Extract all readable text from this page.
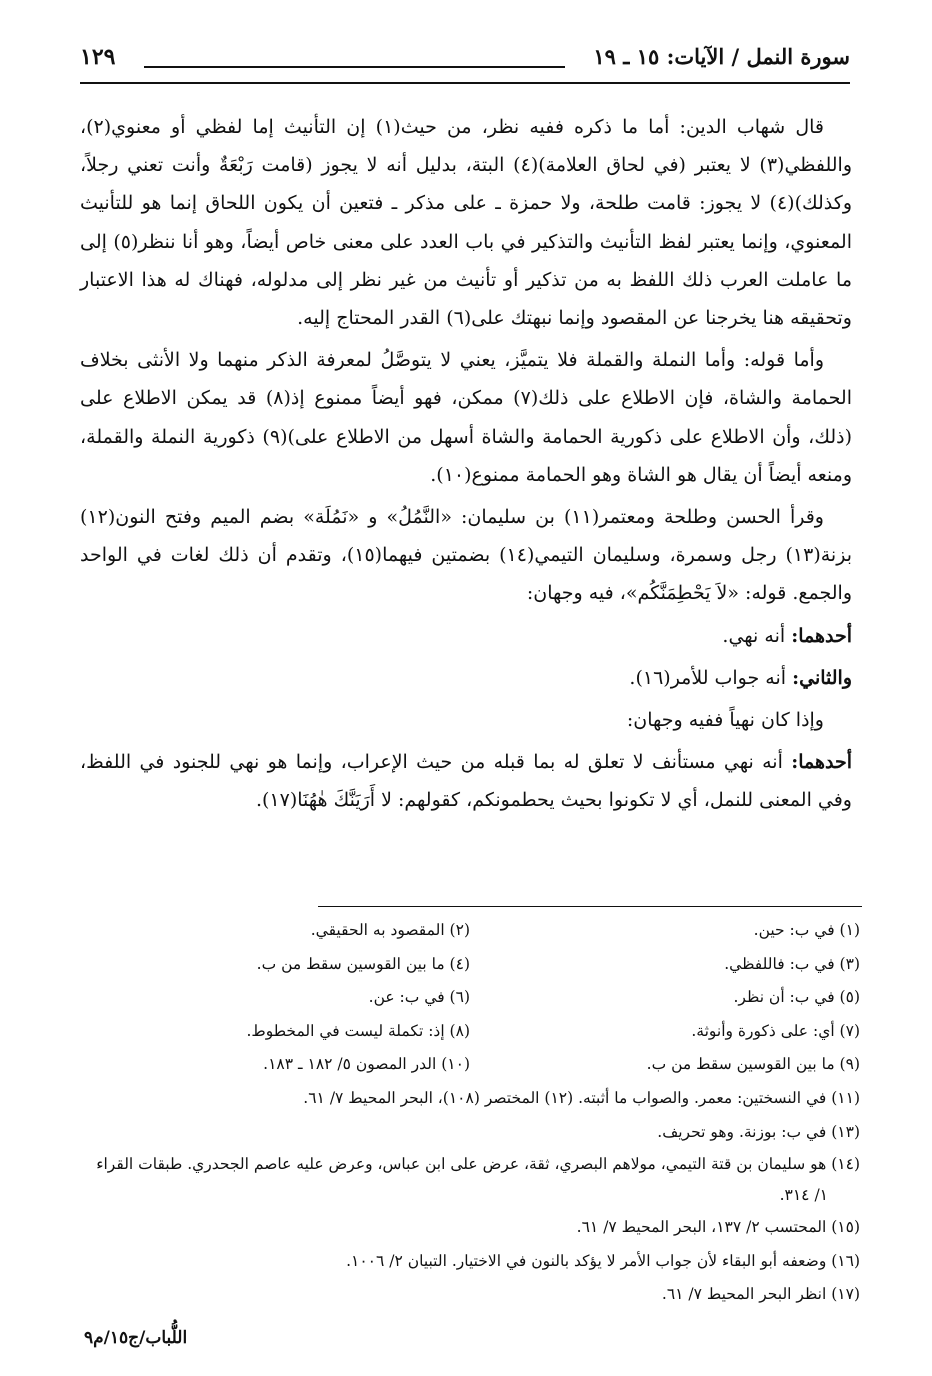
سورة النمل / الآيات: ١٥ ـ ١٩
١٢٩

قال شهاب الدين: أما ما ذكره ففيه نظر، من حيث(١) إن التأنيث إما لفظي أو معنوي(٢)، واللفظي(٣) لا يعتبر (في لحاق العلامة)(٤) البتة، بدليل أنه لا يجوز (قامت رَبْعَةٌ وأنت تعني رجلاً، وكذلك)(٤) لا يجوز: قامت طلحة، ولا حمزة ـ على مذكر ـ فتعين أن يكون اللحاق إنما هو للتأنيث المعنوي، وإنما يعتبر لفظ التأنيث والتذكير في باب العدد على معنى خاص أيضاً، وهو أنا ننظر(٥) إلى ما عاملت العرب ذلك اللفظ به من تذكير أو تأنيث من غير نظر إلى مدلوله، فهناك له هذا الاعتبار وتحقيقه هنا يخرجنا عن المقصود وإنما نبهتك على(٦) القدر المحتاج إليه.

وأما قوله: وأما النملة والقملة فلا يتميَّز، يعني لا يتوصَّلُ لمعرفة الذكر منهما ولا الأنثى بخلاف الحمامة والشاة، فإن الاطلاع على ذلك(٧) ممكن، فهو أيضاً ممنوع إذ(٨) قد يمكن الاطلاع على (ذلك، وأن الاطلاع على ذكورية الحمامة والشاة أسهل من الاطلاع على)(٩) ذكورية النملة والقملة، ومنعه أيضاً أن يقال هو الشاة وهو الحمامة ممنوع(١٠).

وقرأ الحسن وطلحة ومعتمر(١١) بن سليمان: «النَّمُلُ» و «نَمُلَة» بضم الميم وفتح النون(١٢) بزنة(١٣) رجل وسمرة، وسليمان التيمي(١٤) بضمتين فيهما(١٥)، وتقدم أن ذلك لغات في الواحد والجمع. قوله: «لاَ يَحْطِمَنَّكُم»، فيه وجهان:

أحدهما: أنه نهي.

والثاني: أنه جواب للأمر(١٦).

وإذا كان نهياً ففيه وجهان:

أحدهما: أنه نهي مستأنف لا تعلق له بما قبله من حيث الإعراب، وإنما هو نهي للجنود في اللفظ، وفي المعنى للنمل، أي لا تكونوا بحيث يحطمونكم، كقولهم: لا أَرَيَنَّكَ هٰهُنَا(١٧).

(١) في ب: حين.
(٢) المقصود به الحقيقي.
(٣) في ب: فاللفظي.
(٤) ما بين القوسين سقط من ب.
(٥) في ب: أن نظر.
(٦) في ب: عن.
(٧) أي: على ذكورة وأنوثة.
(٨) إذ: تكملة ليست في المخطوط.
(٩) ما بين القوسين سقط من ب.
(١٠) الدر المصون ٥/ ١٨٢ ـ ١٨٣.
(١١) في النسختين: معمر. والصواب ما أثبته. (١٢) المختصر (١٠٨)، البحر المحيط ٧/ ٦١.
(١٣) في ب: بوزنة. وهو تحريف.
(١٤) هو سليمان بن قتة التيمي، مولاهم البصري، ثقة، عرض على ابن عباس، وعرض عليه عاصم الجحدري. طبقات القراء ١/ ٣١٤.
(١٥) المحتسب ٢/ ١٣٧، البحر المحيط ٧/ ٦١.
(١٦) وضعفه أبو البقاء لأن جواب الأمر لا يؤكد بالنون في الاختيار. التبيان ٢/ ١٠٠٦.
(١٧) انظر البحر المحيط ٧/ ٦١.
اللُّباب/ج١٥/م٩
